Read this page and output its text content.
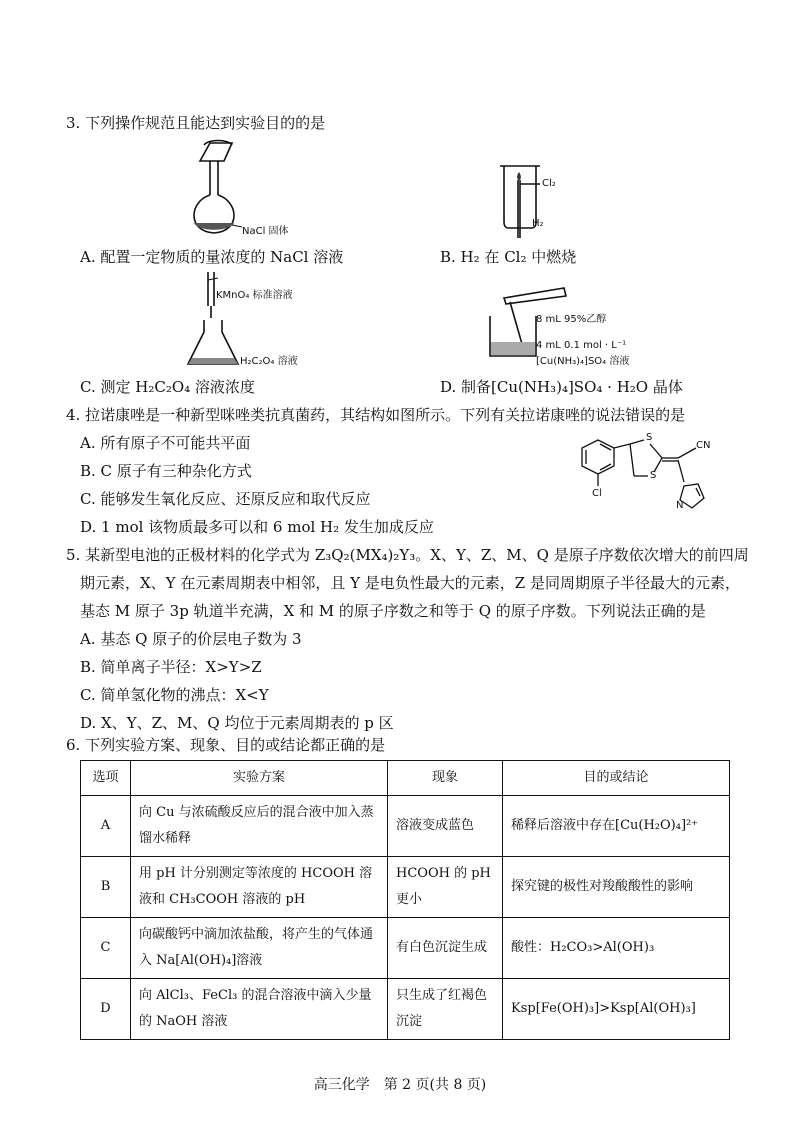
3. 下列操作规范且能达到实验目的的是
NaCl 固体
Cl₂
H₂
A. 配置一定物质的量浓度的 NaCl 溶液	B. H₂ 在 Cl₂ 中燃烧
KMnO₄ 标准溶液
H₂C₂O₄ 溶液
8 mL 95%乙醇
4 mL 0.1 mol · L⁻¹
[Cu(NH₃)₄]SO₄ 溶液
C. 测定 H₂C₂O₄ 溶液浓度	D. 制备[Cu(NH₃)₄]SO₄ · H₂O 晶体
4. 拉诺康唑是一种新型咪唑类抗真菌药，其结构如图所示。下列有关拉诺康唑的说法错误的是
A. 所有原子不可能共平面
B. C 原子有三种杂化方式
C. 能够发生氧化反应、还原反应和取代反应
D. 1 mol 该物质最多可以和 6 mol H₂ 发生加成反应
S
S
CN
Cl
N
5. 某新型电池的正极材料的化学式为 Z₃Q₂(MX₄)₂Y₃。X、Y、Z、M、Q 是原子序数依次增大的前四周
期元素，X、Y 在元素周期表中相邻，且 Y 是电负性最大的元素，Z 是同周期原子半径最大的元素，
基态 M 原子 3p 轨道半充满，X 和 M 的原子序数之和等于 Q 的原子序数。下列说法正确的是
A. 基态 Q 原子的价层电子数为 3
B. 简单离子半径：X>Y>Z
C. 简单氢化物的沸点：X<Y
D. X、Y、Z、M、Q 均位于元素周期表的 p 区
6. 下列实验方案、现象、目的或结论都正确的是
选项	实验方案	现象	目的或结论
A	向 Cu 与浓硫酸反应后的混合液中加入蒸馏水稀释	溶液变成蓝色	稀释后溶液中存在[Cu(H₂O)₄]²⁺
B	用 pH 计分别测定等浓度的 HCOOH 溶液和 CH₃COOH 溶液的 pH	HCOOH 的 pH 更小	探究键的极性对羧酸酸性的影响
C	向碳酸钙中滴加浓盐酸，将产生的气体通入 Na[Al(OH)₄]溶液	有白色沉淀生成	酸性：H₂CO₃>Al(OH)₃
D	向 AlCl₃、FeCl₃ 的混合溶液中滴入少量的 NaOH 溶液	只生成了红褐色沉淀	Ksp[Fe(OH)₃]>Ksp[Al(OH)₃]
高三化学　第 2 页(共 8 页)
